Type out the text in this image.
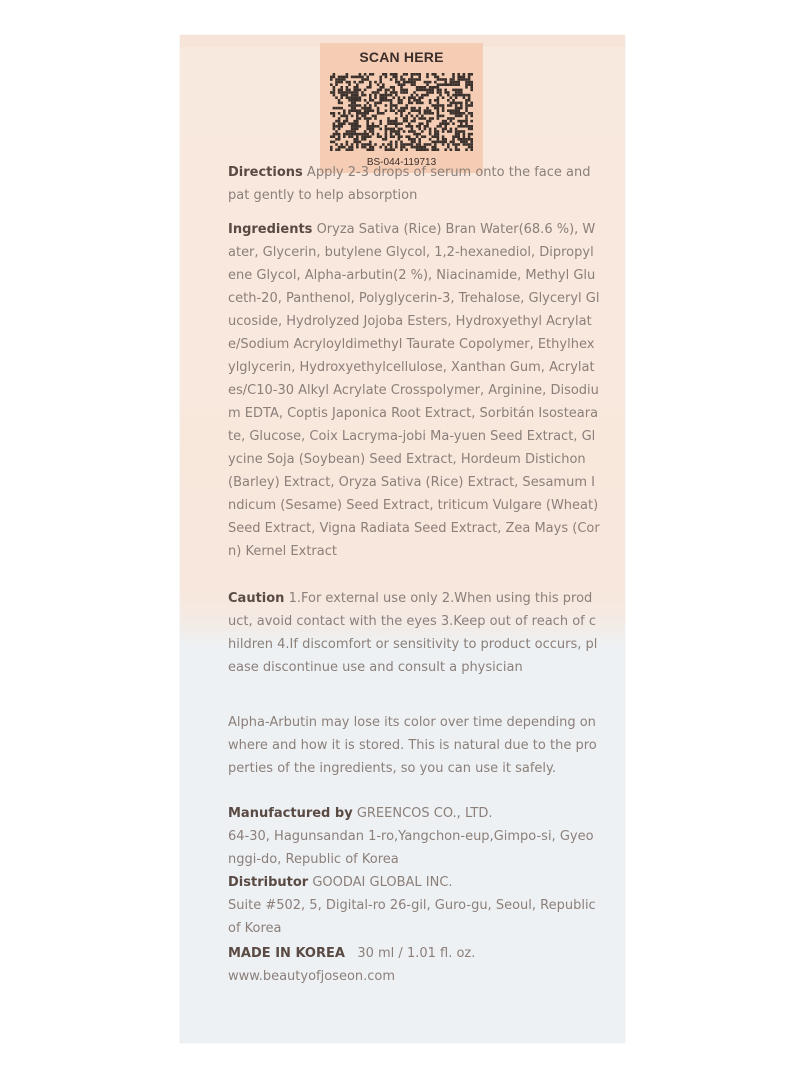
SCAN HERE
BS-044-119713
Directions Apply 2-3 drops of serum onto the face and pat gently to help absorption
Ingredients Oryza Sativa (Rice) Bran Water(68.6 %), Water, Glycerin, butylene Glycol, 1,2-hexanediol, Dipropylene Glycol, Alpha-arbutin(2 %), Niacinamide, Methyl Gluceth-20, Panthenol, Polyglycerin-3, Trehalose, Glyceryl Glucoside, Hydrolyzed Jojoba Esters, Hydroxyethyl Acrylate/Sodium Acryloyldimethyl Taurate Copolymer, Ethylhexylglycerin, Hydroxyethylcellulose, Xanthan Gum, Acrylates/C10-30 Alkyl Acrylate Crosspolymer, Arginine, Disodium EDTA, Coptis Japonica Root Extract, Sorbitán Isostearate, Glucose, Coix Lacryma-jobi Ma-yuen Seed Extract, Glycine Soja (Soybean) Seed Extract, Hordeum Distichon (Barley) Extract, Oryza Sativa (Rice) Extract, Sesamum Indicum (Sesame) Seed Extract, triticum Vulgare (Wheat) Seed Extract, Vigna Radiata Seed Extract, Zea Mays (Corn) Kernel Extract
Caution 1.For external use only 2.When using this product, avoid contact with the eyes 3.Keep out of reach of children 4.If discomfort or sensitivity to product occurs, please discontinue use and consult a physician
Alpha-Arbutin may lose its color over time depending on where and how it is stored. This is natural due to the properties of the ingredients, so you can use it safely.
Manufactured by GREENCOS CO., LTD.
64-30, Hagunsandan 1-ro,Yangchon-eup,Gimpo-si, Gyeonggi-do, Republic of Korea
Distributor GOODAI GLOBAL INC.
Suite #502, 5, Digital-ro 26-gil, Guro-gu, Seoul, Republic of Korea
MADE IN KOREA 30 ml / 1.01 fl. oz.
www.beautyofjoseon.com
